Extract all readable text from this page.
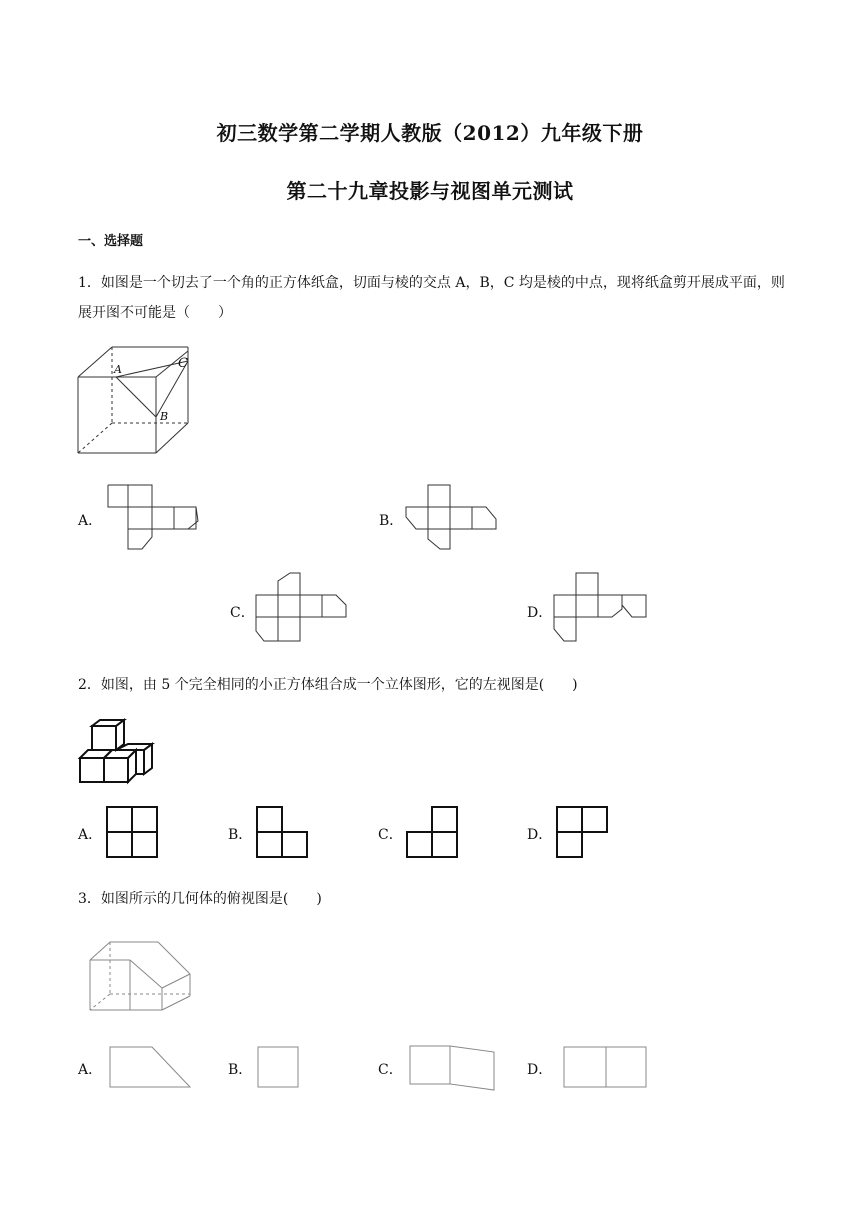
初三数学第二学期人教版（2012）九年级下册
第二十九章投影与视图单元测试
一、选择题
1．如图是一个切去了一个角的正方体纸盒，切面与棱的交点 A，B，C 均是棱的中点，现将纸盒剪开展成平面，则展开图不可能是（　　）
A
B
C
A．	B．
C．	D．
2．如图，由 5 个完全相同的小正方体组合成一个立体图形，它的左视图是(　　)
A．	B．	C．	D．
3．如图所示的几何体的俯视图是(　　)
A．	B．	C．	D．
